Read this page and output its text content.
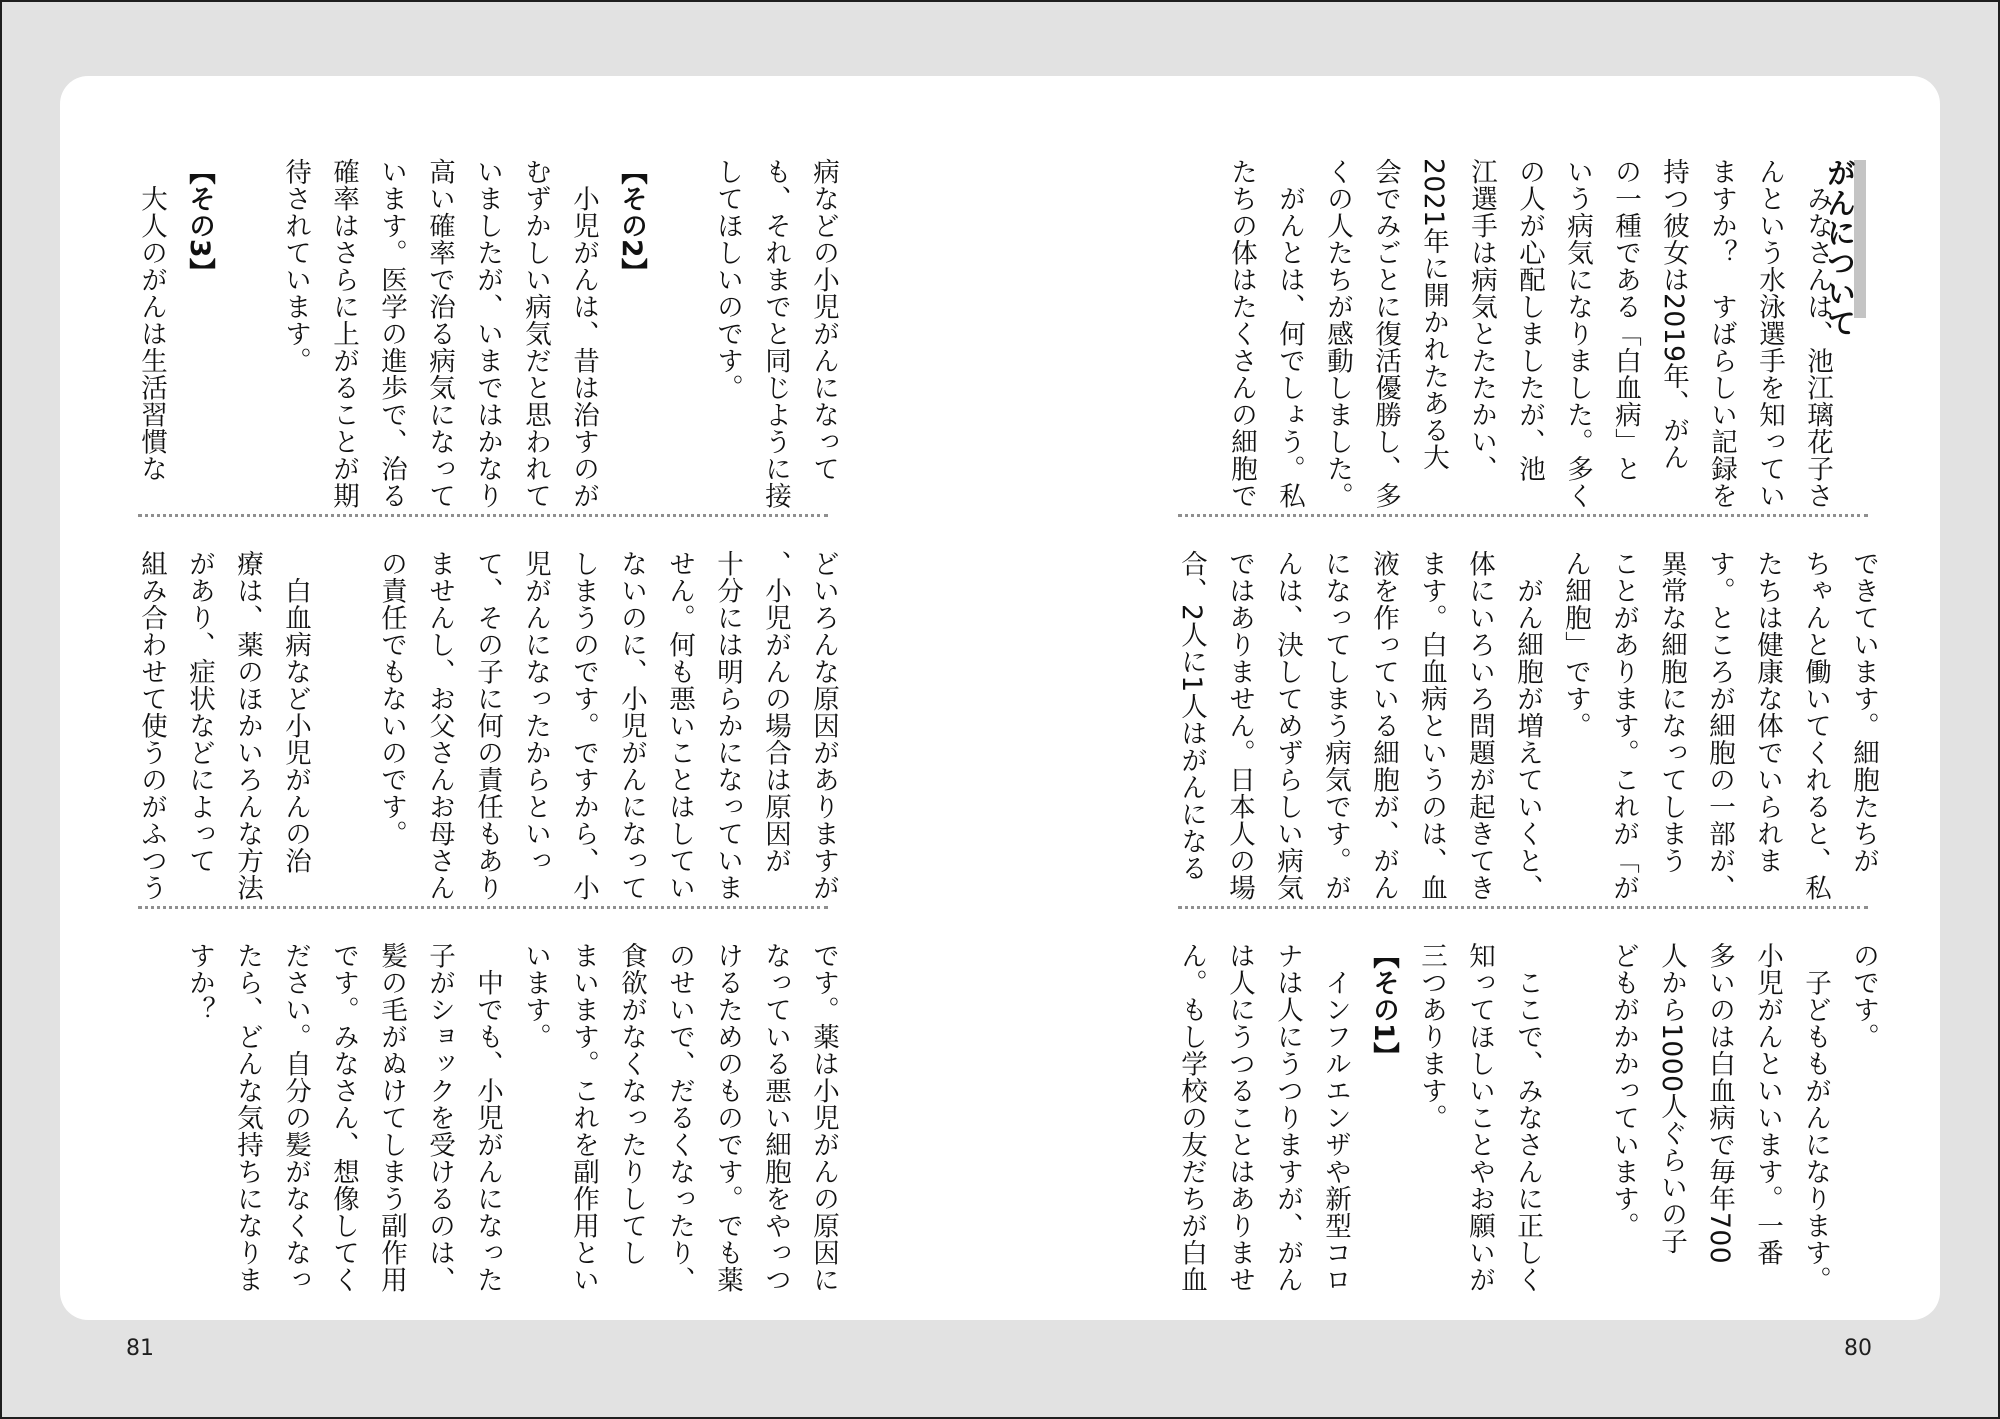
がんについて
81	80
　みなさんは、池江璃花子さ
んという水泳選手を知ってい
ますか？　すばらしい記録を
持つ彼女は2019年、がん
の一種である「白血病」と
いう病気になりました。多く
の人が心配しましたが、池
江選手は病気とたたかい、
2021年に開かれたある大
会でみごとに復活優勝し、多
くの人たちが感動しました。
　がんとは、何でしょう。私
たちの体はたくさんの細胞で
できています。細胞たちが
ちゃんと働いてくれると、私
たちは健康な体でいられま
す。ところが細胞の一部が、
異常な細胞になってしまう
ことがあります。これが「が
ん細胞」です。
　がん細胞が増えていくと、
体にいろいろ問題が起きてき
ます。白血病というのは、血
液を作っている細胞が、がん
になってしまう病気です。が
んは、決してめずらしい病気
ではありません。日本人の場
合、2人に1人はがんになる
のです。
　子どももがんになります。
小児がんといいます。一番
多いのは白血病で毎年700
人から1000人ぐらいの子
どもがかかっています。
　ここで、みなさんに正しく
知ってほしいことやお願いが
三つあります。
【その1】
　インフルエンザや新型コロ
ナは人にうつりますが、がん
は人にうつることはありませ
ん。もし学校の友だちが白血
病などの小児がんになって
も、それまでと同じように接
してほしいのです。
【その2】
　小児がんは、昔は治すのが
むずかしい病気だと思われて
いましたが、いまではかなり
高い確率で治る病気になって
います。医学の進歩で、治る
確率はさらに上がることが期
待されています。
【その3】
　大人のがんは生活習慣な
どいろんな原因がありますが
、小児がんの場合は原因が
十分には明らかになっていま
せん。何も悪いことはしてい
ないのに、小児がんになって
しまうのです。ですから、小
児がんになったからといっ
て、その子に何の責任もあり
ませんし、お父さんお母さん
の責任でもないのです。
　白血病など小児がんの治
療は、薬のほかいろんな方法
があり、症状などによって
組み合わせて使うのがふつう
です。薬は小児がんの原因に
なっている悪い細胞をやっつ
けるためのものです。でも薬
のせいで、だるくなったり、
食欲がなくなったりしてし
まいます。これを副作用とい
います。
　中でも、小児がんになった
子がショックを受けるのは、
髪の毛がぬけてしまう副作用
です。みなさん、想像してく
ださい。自分の髪がなくなっ
たら、どんな気持ちになりま
すか？
